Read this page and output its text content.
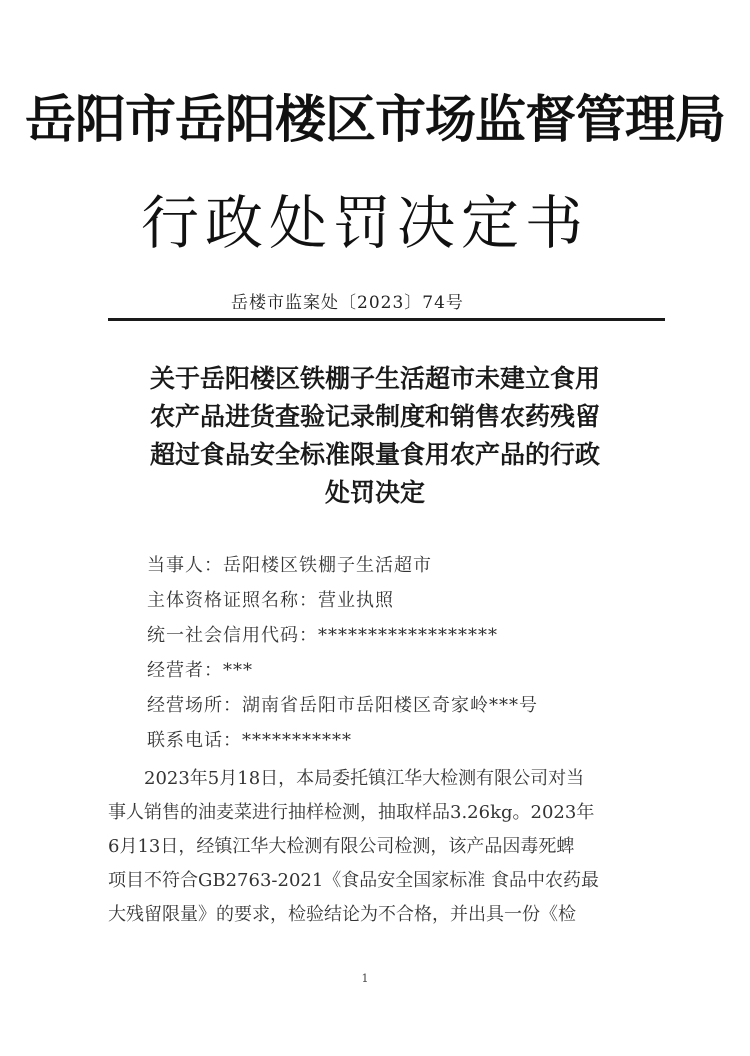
岳阳市岳阳楼区市场监督管理局
行政处罚决定书
岳楼市监案处〔2023〕74号
关于岳阳楼区铁棚子生活超市未建立食用
农产品进货查验记录制度和销售农药残留
超过食品安全标准限量食用农产品的行政
处罚决定
当事人：岳阳楼区铁棚子生活超市
主体资格证照名称：营业执照
统一社会信用代码：******************
经营者：***
经营场所：湖南省岳阳市岳阳楼区奇家岭***号
联系电话：***********
　　2023年5月18日，本局委托镇江华大检测有限公司对当
事人销售的油麦菜进行抽样检测，抽取样品3.26kg。2023年
6月13日，经镇江华大检测有限公司检测，该产品因毒死蜱
项目不符合GB2763-2021《食品安全国家标准 食品中农药最
大残留限量》的要求，检验结论为不合格，并出具一份《检
1
